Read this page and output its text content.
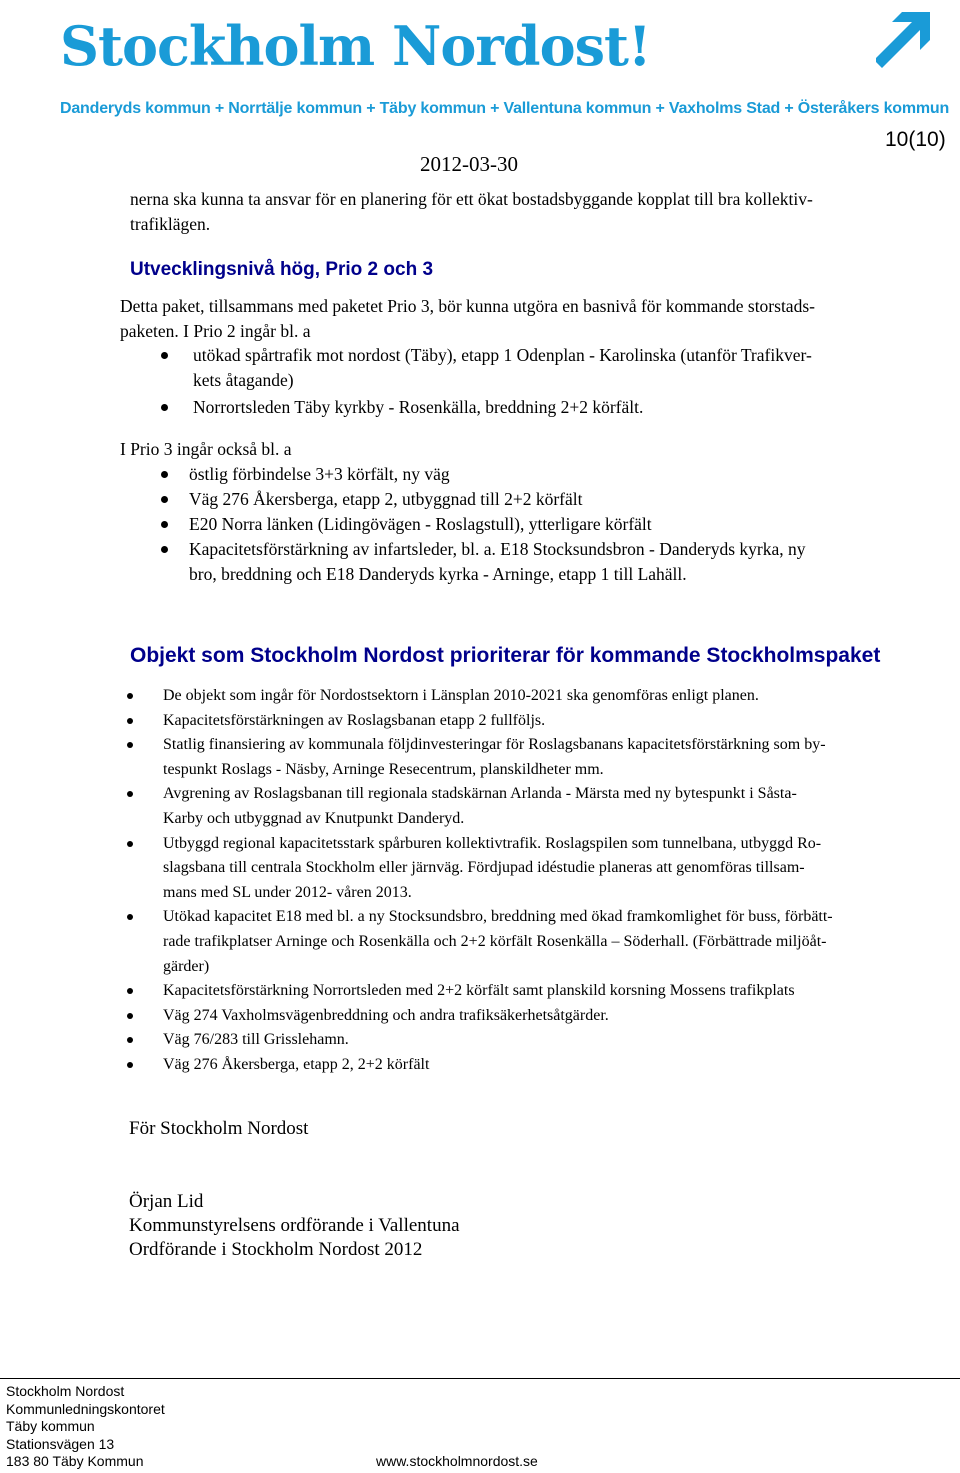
Stockholm Nordost!
Danderyds kommun + Norrtälje kommun + Täby kommun + Vallentuna kommun + Vaxholms Stad + Österåkers kommun
10(10)
2012-03-30
nerna ska kunna ta ansvar för en planering för ett ökat bostadsbyggande kopplat till bra kollektiv-
trafiklägen.
Utvecklingsnivå hög, Prio 2 och 3
Detta paket, tillsammans med paketet Prio 3, bör kunna utgöra en basnivå för kommande storstads-
paketen. I Prio 2 ingår bl. a
utökad spårtrafik mot nordost (Täby), etapp 1 Odenplan - Karolinska (utanför Trafikver-
kets åtagande)
Norrortsleden Täby kyrkby - Rosenkälla, breddning 2+2 körfält.
I Prio 3 ingår också bl. a
östlig förbindelse 3+3 körfält, ny väg
Väg 276 Åkersberga, etapp 2, utbyggnad till 2+2 körfält
E20 Norra länken (Lidingövägen - Roslagstull), ytterligare körfält
Kapacitetsförstärkning av infartsleder, bl. a. E18 Stocksundsbron - Danderyds kyrka, ny
bro, breddning och E18 Danderyds kyrka - Arninge, etapp 1 till Lahäll.
Objekt som Stockholm Nordost prioriterar för kommande Stockholmspaket
De objekt som ingår för Nordostsektorn i Länsplan 2010-2021 ska genomföras enligt planen.
Kapacitetsförstärkningen av Roslagsbanan etapp 2 fullföljs.
Statlig finansiering av kommunala följdinvesteringar för Roslagsbanans kapacitetsförstärkning som by-
tespunkt Roslags - Näsby, Arninge Resecentrum, planskildheter mm.
Avgrening av Roslagsbanan till regionala stadskärnan Arlanda - Märsta med ny bytespunkt i Såsta-
Karby och utbyggnad av Knutpunkt Danderyd.
Utbyggd regional kapacitetsstark spårburen kollektivtrafik. Roslagspilen som tunnelbana, utbyggd Ro-
slagsbana till centrala Stockholm eller järnväg. Fördjupad idéstudie planeras att genomföras tillsam-
mans med SL under 2012- våren 2013.
Utökad kapacitet E18 med bl. a ny Stocksundsbro, breddning med ökad framkomlighet för buss, förbätt-
rade trafikplatser Arninge och Rosenkälla och 2+2 körfält Rosenkälla – Söderhall. (Förbättrade miljöåt-
gärder)
Kapacitetsförstärkning Norrortsleden med 2+2 körfält samt planskild korsning Mossens trafikplats
Väg 274 Vaxholmsvägenbreddning och andra trafiksäkerhetsåtgärder.
Väg 76/283 till Grisslehamn.
Väg 276 Åkersberga, etapp 2, 2+2 körfält
För Stockholm Nordost
Örjan Lid
Kommunstyrelsens ordförande i Vallentuna
Ordförande i Stockholm Nordost 2012
Stockholm Nordost
Kommunledningskontoret
Täby kommun
Stationsvägen 13
183 80 Täby Kommun	www.stockholmnordost.se
